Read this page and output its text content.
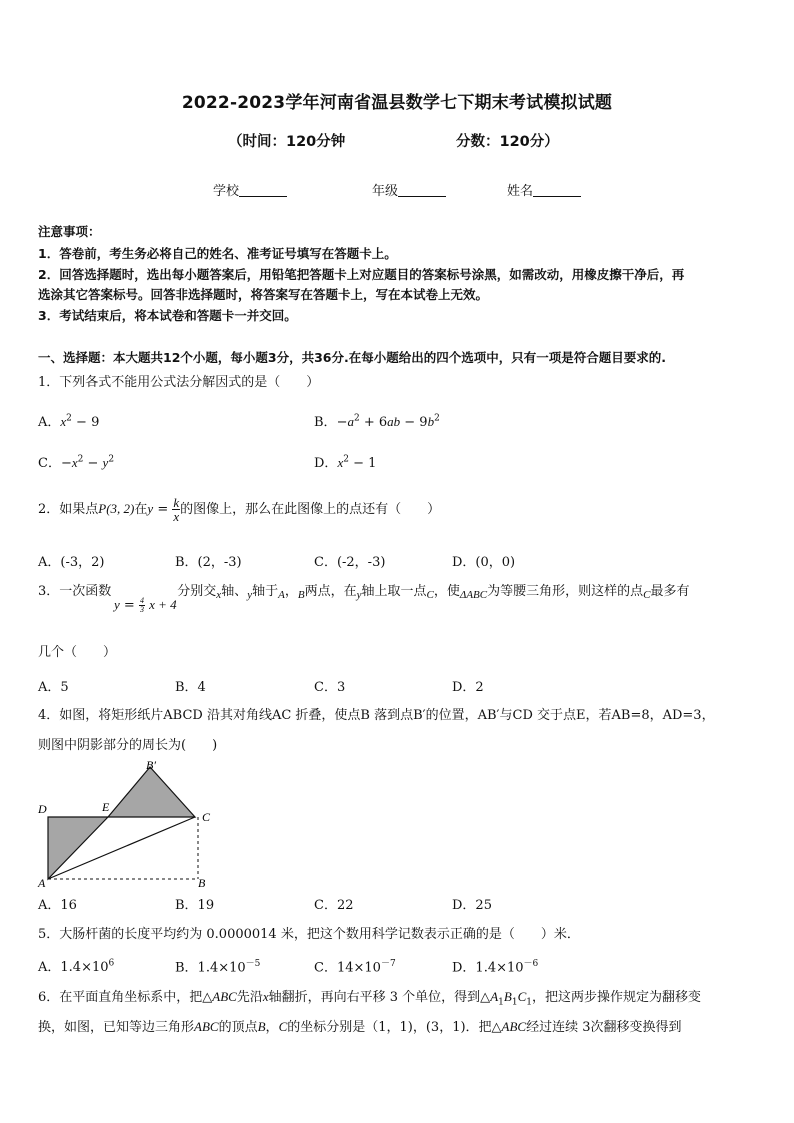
2022-2023学年河南省温县数学七下期末考试模拟试题
（时间：120分钟	分数：120分）
学校	年级	姓名
注意事项：
1．答卷前，考生务必将自己的姓名、准考证号填写在答题卡上。
2．回答选择题时，选出每小题答案后，用铅笔把答题卡上对应题目的答案标号涂黑，如需改动，用橡皮擦干净后，再
选涂其它答案标号。回答非选择题时，将答案写在答题卡上，写在本试卷上无效。
3．考试结束后，将本试卷和答题卡一并交回。
一、选择题：本大题共12个小题，每小题3分，共36分.在每小题给出的四个选项中，只有一项是符合题目要求的.
1．下列各式不能用公式法分解因式的是（　　）
A．$x^2 - 9$	B．$-a^2 + 6ab - 9b^2$
C．$-x^2 - y^2$	D．$x^2 - 1$
2．如果点P(3, 2)在$y = \frac{k}{x}$ 的图像上，那么在此图像上的点还有（　　）
A．(-3，2)	B．(2，-3)	C．(-2，-3)	D．(0，0)
3．一次函数	分别交$_x$轴、$_y$轴于$_A$，$_B$两点，在$_y$轴上取一点$_C$，使$_{\Delta ABC}$为等腰三角形，则这样的点$_C$最多有
$y = \frac{4}{3}$ x + 4
几个（　　）
A．5	B．4	C．3	D．2
4．如图，将矩形纸片ABCD 沿其对角线AC 折叠，使点B 落到点B′的位置，AB′与CD 交于点E，若AB=8，AD=3，
则图中阴影部分的周长为(　　)
B′
D	E
C
A	B
A．16	B．19	C．22	D．25
5．大肠杆菌的长度平均约为 0.0000014 米，把这个数用科学记数表示正确的是（　　）米．
A．$1.4\times 10^6$	B．$1.4\times 10^{-5}$	C．$14\times 10^{-7}$	D．$1.4\times 10^{-6}$
6．在平面直角坐标系中，把△ABC先沿x轴翻折，再向右平移 3 个单位，得到$\triangle A_1B_1C_1$，把这两步操作规定为翻移变
换，如图，已知等边三角形ABC的顶点B，C的坐标分别是（1，1)，(3，1)．把△ABC经过连续 3次翻移变换得到
